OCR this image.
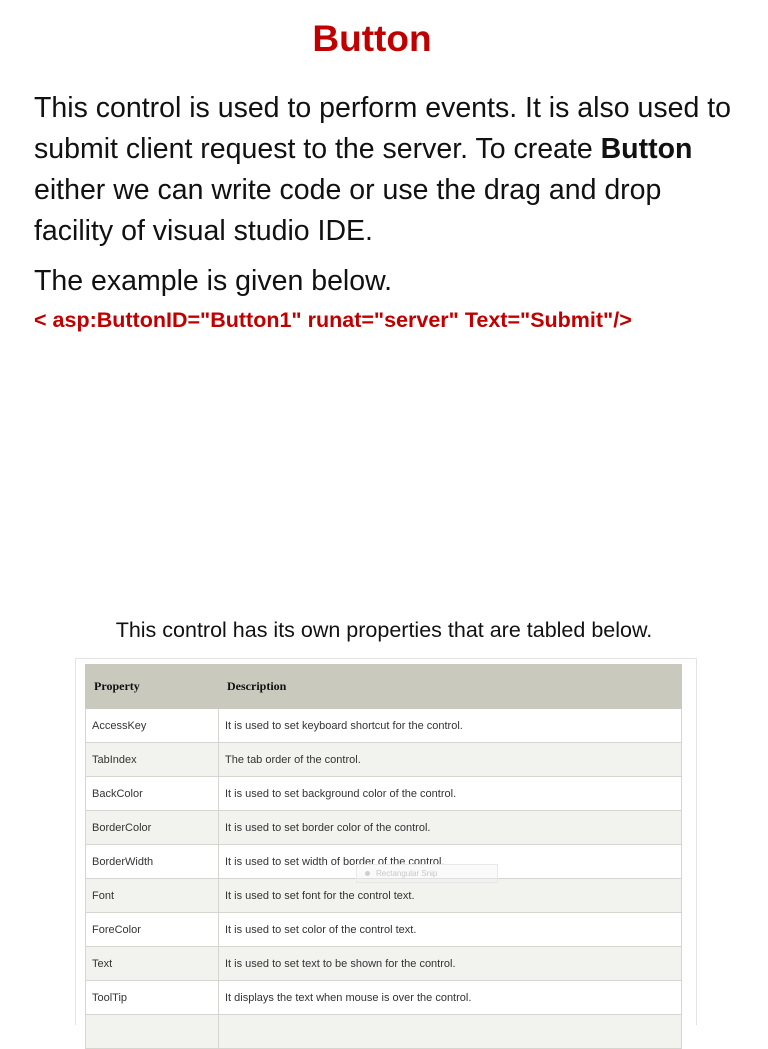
Button

This control is used to perform events. It is also used to submit client request to the server. To create Button either we can write code or use the drag and drop facility of visual studio IDE.

The example is given below.

< asp:ButtonID="Button1" runat="server" Text="Submit"/>
This control has its own properties that are tabled below.
Property	Description
AccessKey	It is used to set keyboard shortcut for the control.
TabIndex	The tab order of the control.
BackColor	It is used to set background color of the control.
BorderColor	It is used to set border color of the control.
BorderWidth	It is used to set width of border of the control.
Font	It is used to set font for the control text.
ForeColor	It is used to set color of the control text.
Text	It is used to set text to be shown for the control.
ToolTip	It displays the text when mouse is over the control.

Rectangular Snip
